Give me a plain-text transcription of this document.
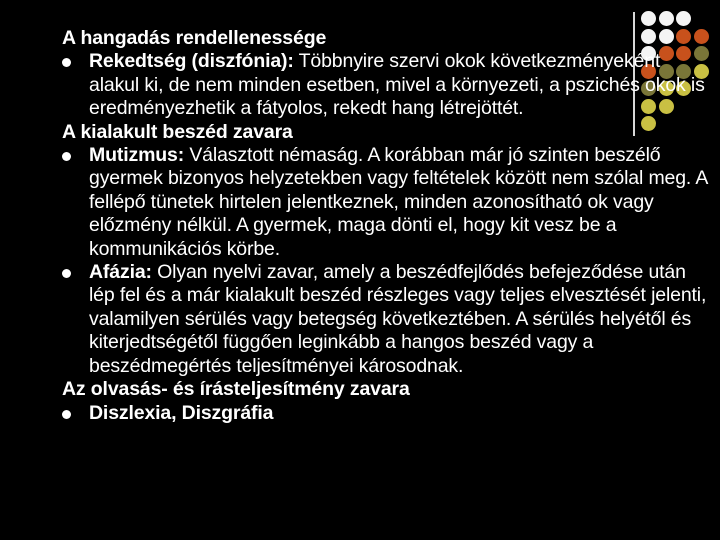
A hangadás rendellenessége

Rekedtség (diszfónia): Többnyire szervi okok következményeként alakul ki, de nem minden esetben, mivel a környezeti, a pszichés okok is eredményezhetik a fátyolos, rekedt hang létrejöttét.

A kialakult beszéd zavara

Mutizmus: Választott némaság. A korábban már jó szinten beszélő gyermek bizonyos helyzetekben vagy feltételek között nem szólal meg. A fellépő tünetek hirtelen jelentkeznek, minden azonosítható ok vagy előzmény nélkül. A gyermek, maga dönti el, hogy kit vesz be a kommunikációs körbe.
Afázia: Olyan nyelvi zavar, amely a beszédfejlődés befejeződése után lép fel és a már kialakult beszéd részleges vagy teljes elvesztését jelenti, valamilyen sérülés vagy betegség következtében. A sérülés helyétől és kiterjedtségétől függően leginkább a hangos beszéd vagy a beszédmegértés teljesítményei károsodnak.

Az olvasás- és írásteljesítmény zavara

Diszlexia, Diszgráfia
